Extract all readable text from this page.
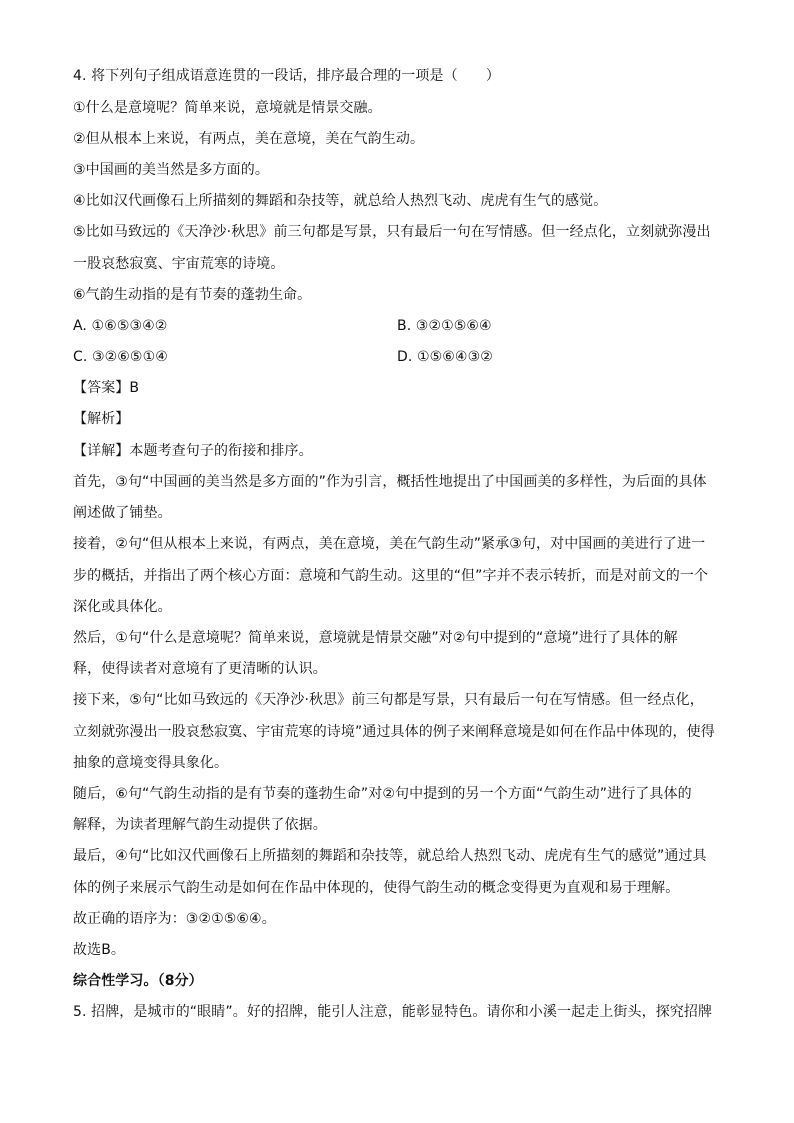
4. 将下列句子组成语意连贯的一段话，排序最合理的一项是（　　）
①什么是意境呢？简单来说，意境就是情景交融。
②但从根本上来说，有两点，美在意境，美在气韵生动。
③中国画的美当然是多方面的。
④比如汉代画像石上所描刻的舞蹈和杂技等，就总给人热烈飞动、虎虎有生气的感觉。
⑤比如马致远的《天净沙·秋思》前三句都是写景，只有最后一句在写情感。但一经点化，立刻就弥漫出
一股哀愁寂寞、宇宙荒寒的诗境。
⑥气韵生动指的是有节奏的蓬勃生命。
A. ①⑥⑤③④②	B. ③②①⑤⑥④
C. ③②⑥⑤①④	D. ①⑤⑥④③②
【答案】B
【解析】
【详解】本题考查句子的衔接和排序。
首先，③句“中国画的美当然是多方面的”作为引言，概括性地提出了中国画美的多样性，为后面的具体
阐述做了铺垫。
接着，②句“但从根本上来说，有两点，美在意境，美在气韵生动”紧承③句，对中国画的美进行了进一
步的概括，并指出了两个核心方面：意境和气韵生动。这里的“但”字并不表示转折，而是对前文的一个
深化或具体化。
然后，①句“什么是意境呢？简单来说，意境就是情景交融”对②句中提到的“意境”进行了具体的解
释，使得读者对意境有了更清晰的认识。
接下来，⑤句“比如马致远的《天净沙·秋思》前三句都是写景，只有最后一句在写情感。但一经点化，
立刻就弥漫出一股哀愁寂寞、宇宙荒寒的诗境”通过具体的例子来阐释意境是如何在作品中体现的，使得
抽象的意境变得具象化。
随后，⑥句“气韵生动指的是有节奏的蓬勃生命”对②句中提到的另一个方面“气韵生动”进行了具体的
解释，为读者理解气韵生动提供了依据。
最后，④句“比如汉代画像石上所描刻的舞蹈和杂技等，就总给人热烈飞动、虎虎有生气的感觉”通过具
体的例子来展示气韵生动是如何在作品中体现的，使得气韵生动的概念变得更为直观和易于理解。
故正确的语序为：③②①⑤⑥④。
故选B。
综合性学习。（8分）
5. 招牌，是城市的“眼睛”。好的招牌，能引人注意，能彰显特色。请你和小溪一起走上街头，探究招牌
